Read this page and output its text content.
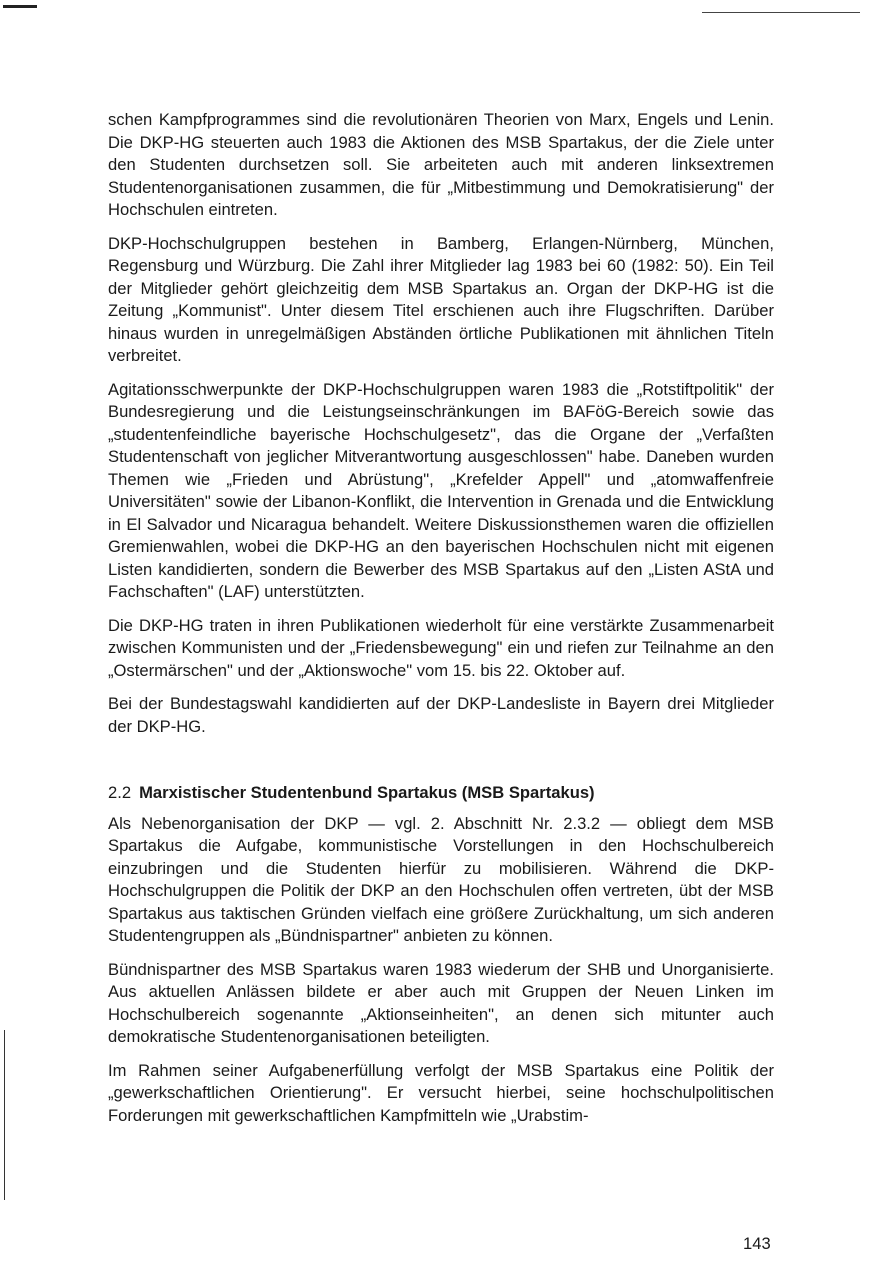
schen Kampfprogrammes sind die revolutionären Theorien von Marx, Engels und Lenin. Die DKP-HG steuerten auch 1983 die Aktionen des MSB Spartakus, der die Ziele unter den Studenten durchsetzen soll. Sie arbeiteten auch mit anderen linksextremen Studentenorganisationen zusammen, die für „Mitbestimmung und Demokratisierung" der Hochschulen eintreten.

DKP-Hochschulgruppen bestehen in Bamberg, Erlangen-Nürnberg, München, Regensburg und Würzburg. Die Zahl ihrer Mitglieder lag 1983 bei 60 (1982: 50). Ein Teil der Mitglieder gehört gleichzeitig dem MSB Spartakus an. Organ der DKP-HG ist die Zeitung „Kommunist". Unter diesem Titel erschienen auch ihre Flugschriften. Darüber hinaus wurden in unregelmäßigen Abständen örtliche Publikationen mit ähnlichen Titeln verbreitet.

Agitationsschwerpunkte der DKP-Hochschulgruppen waren 1983 die „Rotstiftpolitik" der Bundesregierung und die Leistungseinschränkungen im BAFöG-Bereich sowie das „studentenfeindliche bayerische Hochschulgesetz", das die Organe der „Verfaßten Studentenschaft von jeglicher Mitverantwortung ausgeschlossen" habe. Daneben wurden Themen wie „Frieden und Abrüstung", „Krefelder Appell" und „atomwaffenfreie Universitäten" sowie der Libanon-Konflikt, die Intervention in Grenada und die Entwicklung in El Salvador und Nicaragua behandelt. Weitere Diskussionsthemen waren die offiziellen Gremienwahlen, wobei die DKP-HG an den bayerischen Hochschulen nicht mit eigenen Listen kandidierten, sondern die Bewerber des MSB Spartakus auf den „Listen AStA und Fachschaften" (LAF) unterstützten.

Die DKP-HG traten in ihren Publikationen wiederholt für eine verstärkte Zusammenarbeit zwischen Kommunisten und der „Friedensbewegung" ein und riefen zur Teilnahme an den „Ostermärschen" und der „Aktionswoche" vom 15. bis 22. Oktober auf.

Bei der Bundestagswahl kandidierten auf der DKP-Landesliste in Bayern drei Mitglieder der DKP-HG.

2.2 Marxistischer Studentenbund Spartakus (MSB Spartakus)

Als Nebenorganisation der DKP — vgl. 2. Abschnitt Nr. 2.3.2 — obliegt dem MSB Spartakus die Aufgabe, kommunistische Vorstellungen in den Hochschulbereich einzubringen und die Studenten hierfür zu mobilisieren. Während die DKP-Hochschulgruppen die Politik der DKP an den Hochschulen offen vertreten, übt der MSB Spartakus aus taktischen Gründen vielfach eine größere Zurückhaltung, um sich anderen Studentengruppen als „Bündnispartner" anbieten zu können.

Bündnispartner des MSB Spartakus waren 1983 wiederum der SHB und Unorganisierte. Aus aktuellen Anlässen bildete er aber auch mit Gruppen der Neuen Linken im Hochschulbereich sogenannte „Aktionseinheiten", an denen sich mitunter auch demokratische Studentenorganisationen beteiligten.

Im Rahmen seiner Aufgabenerfüllung verfolgt der MSB Spartakus eine Politik der „gewerkschaftlichen Orientierung". Er versucht hierbei, seine hochschulpolitischen Forderungen mit gewerkschaftlichen Kampfmitteln wie „Urabstim-

143
